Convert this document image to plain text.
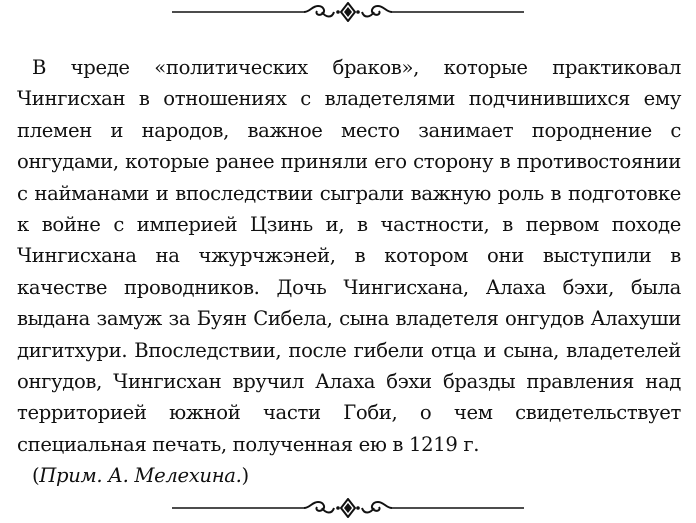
В чреде «политических браков», которые практиковал Чингисхан в отношениях с владетелями подчинившихся ему племен и народов, важное место занимает породнение с онгудами, которые ранее приняли его сторону в противостоянии с найманами и впоследствии сыграли важную роль в подготовке к войне с империей Цзинь и, в частности, в первом походе Чингисхана на чжурчжэней, в котором они выступили в качестве проводников. Дочь Чингисхана, Алаха бэхи, была выдана замуж за Буян Сибела, сына владетеля онгудов Алахуши дигитхури. Впоследствии, после гибели отца и сына, владетелей онгудов, Чингисхан вручил Алаха бэхи бразды правления над территорией южной части Гоби, о чем свидетельствует специальная печать, полученная ею в 1219 г.

(Прим. А. Мелехина.)
